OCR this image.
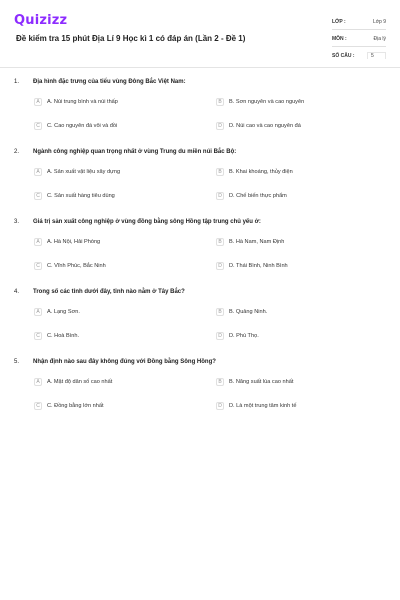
Quizizz
Đề kiểm tra 15 phút Địa Lí 9 Học kì 1 có đáp án (Lần 2 - Đề 1)
LỚP :	Lớp 9
MÔN :	Địa lý
SỐ CÂU :	5
1. Địa hình đặc trưng của tiểu vùng Đông Bắc Việt Nam:
A	A. Núi trung bình và núi thấp	B	B. Sơn nguyên và cao nguyên
C	C. Cao nguyên đá vôi và đồi	D	D. Núi cao và cao nguyên đá
2. Ngành công nghiệp quan trọng nhất ở vùng Trung du miền núi Bắc Bộ:
A	A. Sản xuất vật liệu xây dựng	B	B. Khai khoáng, thủy điện
C	C. Sản xuất hàng tiêu dùng	D	D. Chế biến thực phẩm
3. Giá trị sản xuất công nghiệp ở vùng đồng bằng sông Hồng tập trung chủ yếu ở:
A	A. Hà Nội, Hải Phòng	B	B. Hà Nam, Nam Định
C	C. Vĩnh Phúc, Bắc Ninh	D	D. Thái Bình, Ninh Bình
4. Trong số các tỉnh dưới đây, tỉnh nào nằm ở Tây Bắc?
A	A. Lạng Sơn.	B	B. Quảng Ninh.
C	C. Hoà Bình.	D	D. Phú Thọ.
5. Nhận định nào sau đây không đúng với Đồng bằng Sông Hồng?
A	A. Mật độ dân số cao nhất	B	B. Năng suất lúa cao nhất
C	C. Đồng bằng lớn nhất	D	D. Là một trung tâm kinh tế
